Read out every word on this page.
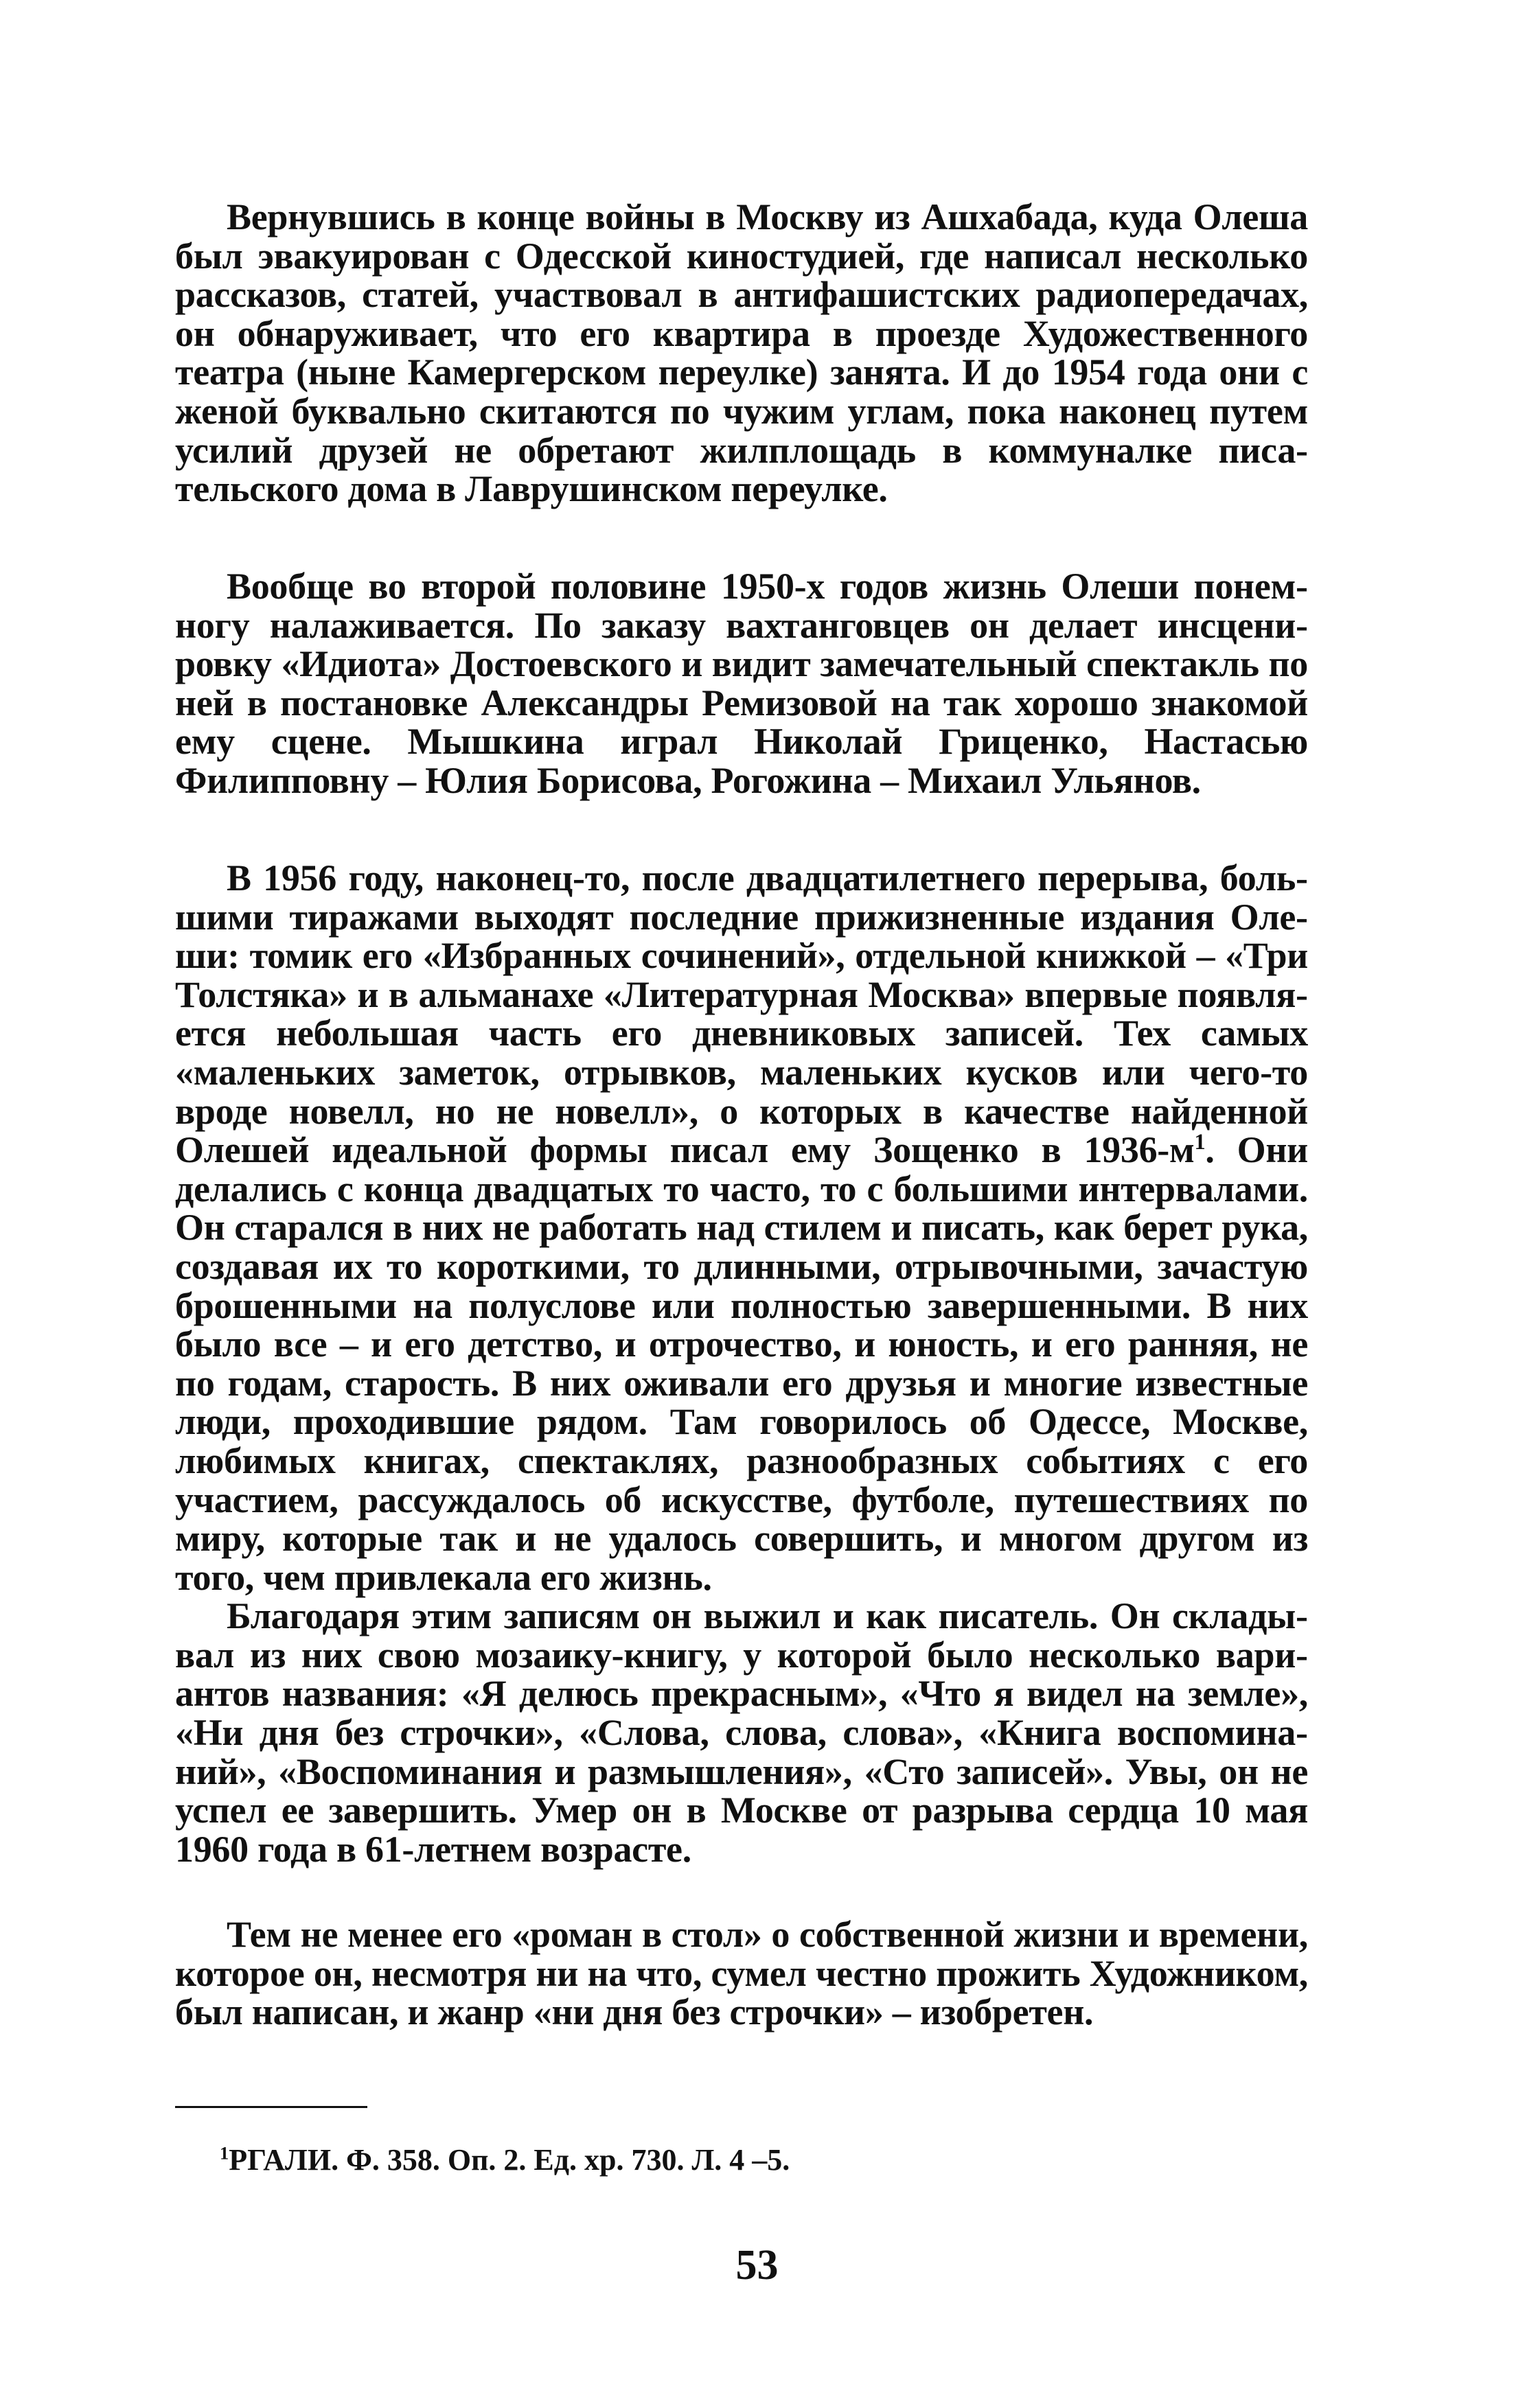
Вернувшись в конце войны в Москву из Ашхабада, куда Олеша был эвакуирован с Одесской киностудией, где написал несколько рассказов, статей, участвовал в антифашистских радиопередачах, он обнаруживает, что его квартира в проезде Художественного театра (ныне Камергерском переулке) занята. И до 1954 года они с женой буквально скитаются по чужим углам, пока наконец путем усилий друзей не обретают жилплощадь в коммуналке писательского дома в Лаврушинском переулке.

Вообще во второй половине 1950-х годов жизнь Олеши понемногу налаживается. По заказу вахтанговцев он делает инсценировку «Идиота» Достоевского и видит замечательный спектакль по ней в постановке Александры Ремизовой на так хорошо знакомой ему сцене. Мышкина играл Николай Гриценко, Настасью Филипповну – Юлия Борисова, Рогожина – Михаил Ульянов.

В 1956 году, наконец-то, после двадцатилетнего перерыва, большими тиражами выходят последние прижизненные издания Олеши: томик его «Избранных сочинений», отдельной книжкой – «Три Толстяка» и в альманахе «Литературная Москва» впервые появляется небольшая часть его дневниковых записей. Тех самых «маленьких заметок, отрывков, маленьких кусков или чего-то вроде новелл, но не новелл», о которых в качестве найденной Олешей идеальной формы писал ему Зощенко в $1936-м^1$. Они делались с конца двадцатых то часто, то с большими интервалами. Он старался в них не работать над стилем и писать, как берет рука, создавая их то короткими, то длинными, отрывочными, зачастую брошенными на полуслове или полностью завершенными. В них было все – и его детство, и отрочество, и юность, и его ранняя, не по годам, старость. В них оживали его друзья и многие известные люди, проходившие рядом. Там говорилось об Одессе, Москве, любимых книгах, спектаклях, разнообразных событиях с его участием, рассуждалось об искусстве, футболе, путешествиях по миру, которые так и не удалось совершить, и многом другом из того, чем привлекала его жизнь.

Благодаря этим записям он выжил и как писатель. Он складывал из них свою мозаику-книгу, у которой было несколько вариантов названия: «Я делюсь прекрасным», «Что я видел на земле», «Ни дня без строчки», «Слова, слова, слова», «Книга воспоминаний», «Воспоминания и размышления», «Сто записей». Увы, он не успел ее завершить. Умер он в Москве от разрыва сердца 10 мая 1960 года в 61-летнем возрасте.

Тем не менее его «роман в стол» о собственной жизни и времени, которое он, несмотря ни на что, сумел честно прожить Художником, был написан, и жанр «ни дня без строчки» – изобретен.

$^1$РГАЛИ. Ф. 358. Оп. 2. Ед. хр. 730. Л. 4 –5.
53
